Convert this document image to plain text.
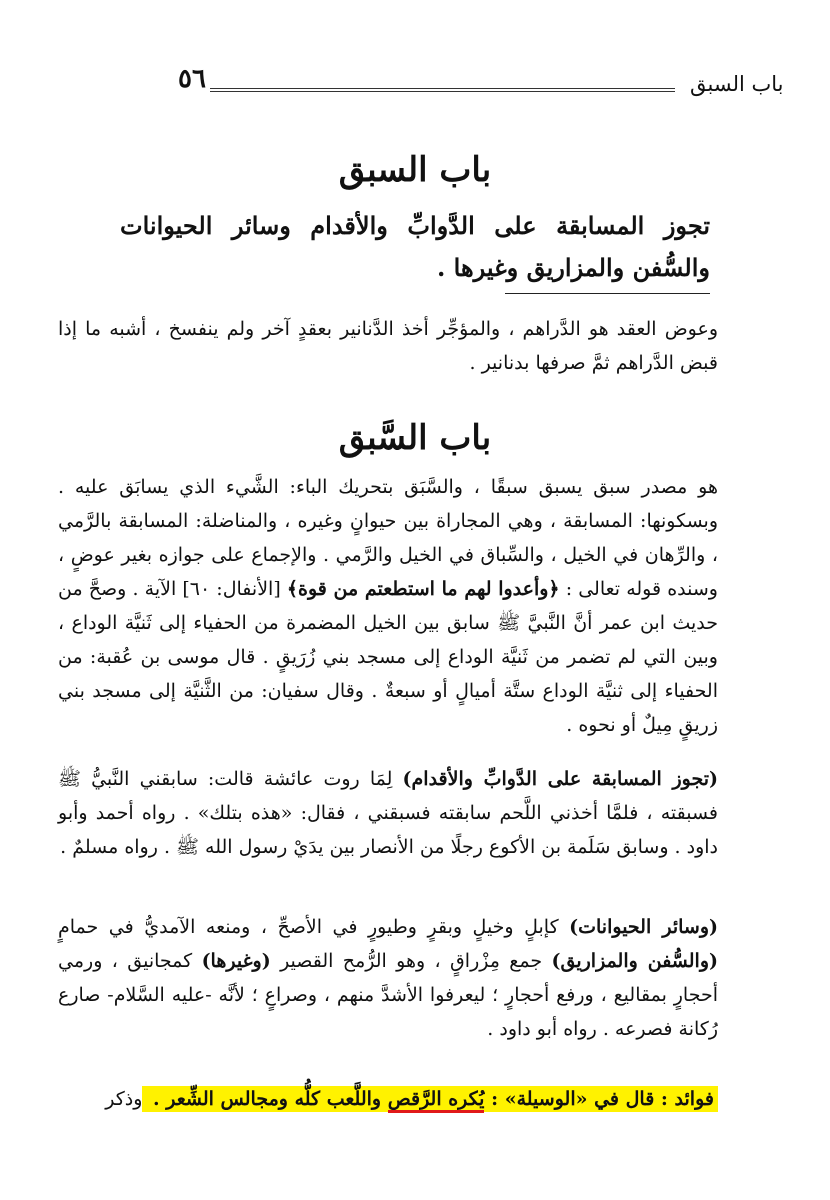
٥٦	باب السبق
باب السبق
تجوز المسابقة على الدَّوابِّ والأقدام وسائر الحيوانات والسُّفن والمزاريق وغيرها .
وعوض العقد هو الدَّراهم ، والمؤجِّر أخذ الدَّنانير بعقدٍ آخر ولم ينفسخ ، أشبه ما إذا قبض الدَّراهم ثمَّ صرفها بدنانير .
باب السَّبق
هو مصدر سبق يسبق سبقًا ، والسَّبَق بتحريك الباء: الشَّيء الذي يسابَق عليه . وبسكونها: المسابقة ، وهي المجاراة بين حيوانٍ وغيره ، والمناضلة: المسابقة بالرَّمي ، والرِّهان في الخيل ، والسِّباق في الخيل والرَّمي . والإجماع على جوازه بغير عوضٍ ، وسنده قوله تعالى : ﴿وأعدوا لهم ما استطعتم من قوة﴾ [الأنفال: ٦٠] الآية . وصحَّ من حديث ابن عمر أنَّ النَّبيَّ ﷺ سابق بين الخيل المضمرة من الحفياء إلى ثَنيَّة الوداع ، وبين التي لم تضمر من ثَنيَّة الوداع إلى مسجد بني زُرَيقٍ . قال موسى بن عُقبة: من الحفياء إلى ثنيَّة الوداع ستَّة أميالٍ أو سبعةٌ . وقال سفيان: من الثَّنيَّة إلى مسجد بني زريقٍ مِيلٌ أو نحوه .
(تجوز المسابقة على الدَّوابِّ والأقدام) لِمَا روت عائشة قالت: سابقني النَّبيُّ ﷺ فسبقته ، فلمَّا أخذني اللَّحم سابقته فسبقني ، فقال: «هذه بتلك» . رواه أحمد وأبو داود . وسابق سَلَمة بن الأكوع رجلًا من الأنصار بين يدَيْ رسول الله ﷺ . رواه مسلمٌ .
(وسائر الحيوانات) كإبلٍ وخيلٍ وبقرٍ وطيورٍ في الأصحِّ ، ومنعه الآمديُّ في حمامٍ (والسُّفن والمزاريق) جمع مِزْراقٍ ، وهو الرُّمح القصير (وغيرها) كمجانيق ، ورمي أحجارٍ بمقاليع ، ورفع أحجارٍ ؛ ليعرفوا الأشدَّ منهم ، وصراعٍ ؛ لأنَّه -عليه السَّلام- صارع رُكانة فصرعه . رواه أبو داود .
فوائد : قال في «الوسيلة» : يُكره الرَّقص واللَّعب كلُّه ومجالس الشِّعر . وذكر
